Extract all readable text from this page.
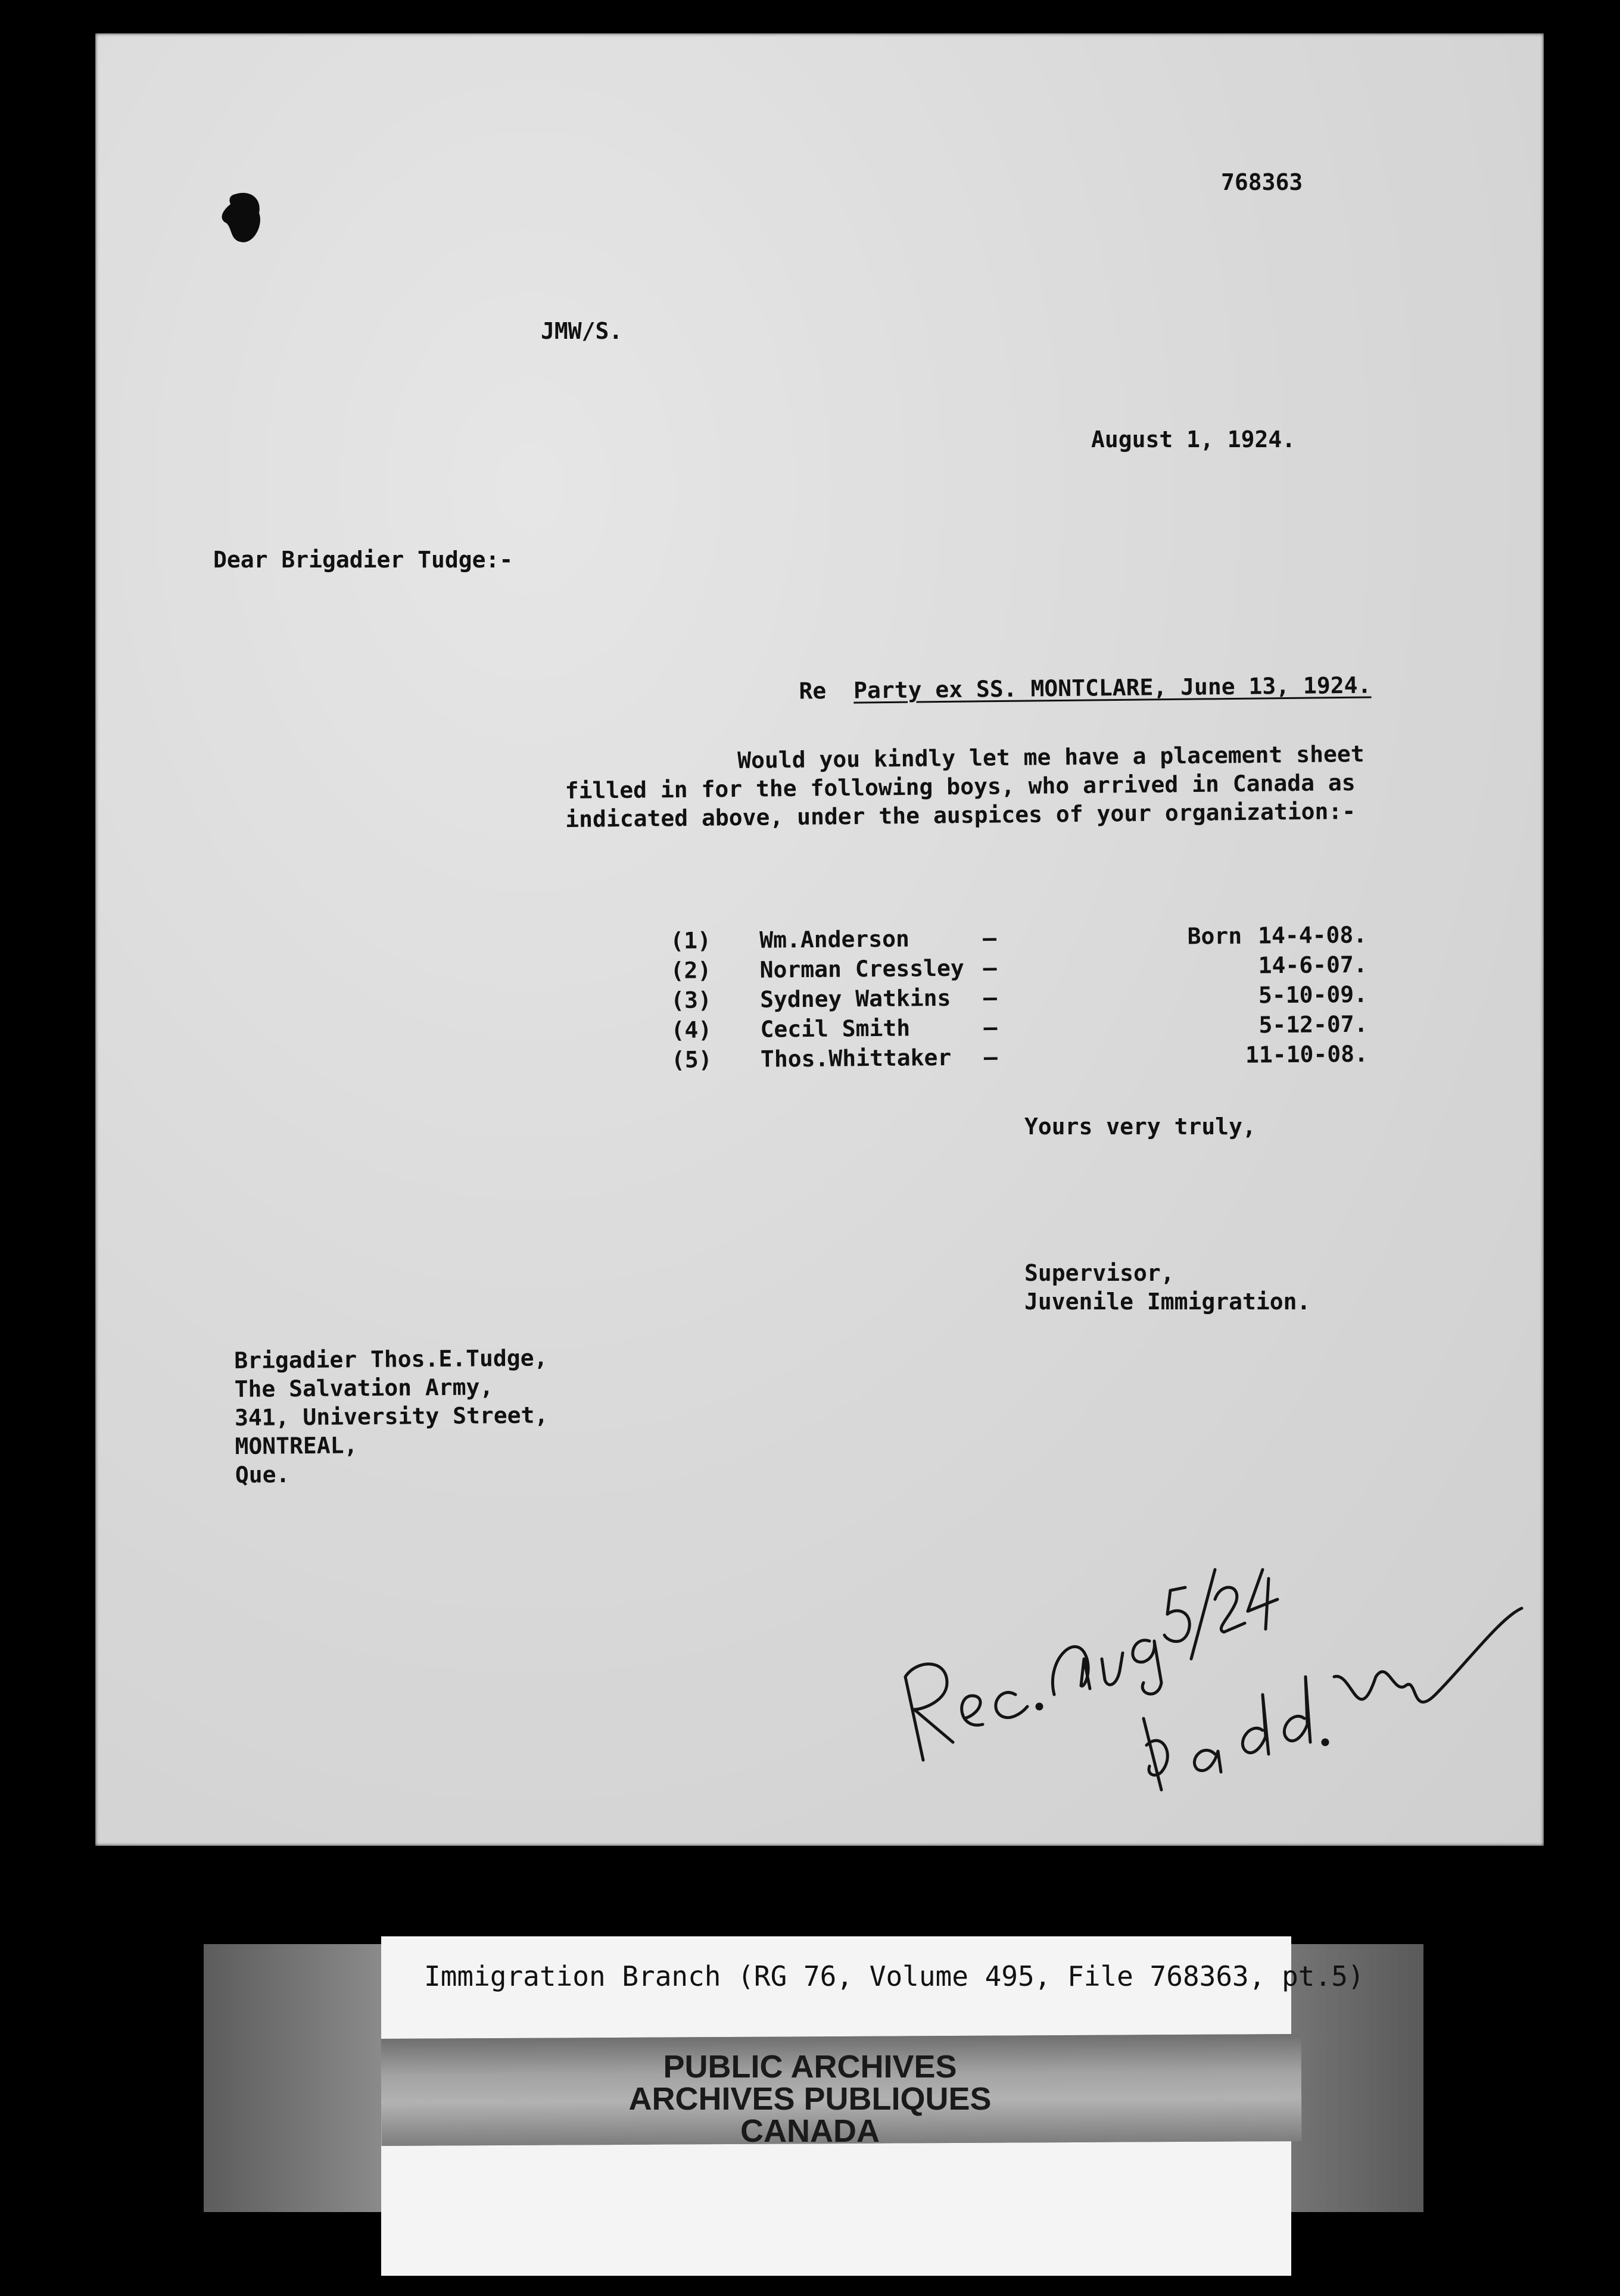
768363
JMW/S.
August 1, 1924.
Dear Brigadier Tudge:-

Re Party ex SS. MONTCLARE, June 13, 1924.

Would you kindly let me have a placement sheet
filled in for the following boys, who arrived in Canada as
indicated above, under the auspices of your organization:-
(1) Wm.Anderson	—	Born 14-4-08.
(2) Norman Cressley —	14-6-07.
(3) Sydney Watkins —	5-10-09.
(4) Cecil Smith	—	5-12-07.
(5) Thos.Whittaker —	11-10-08.
Yours very truly,
Supervisor,
Juvenile Immigration.
Brigadier Thos.E.Tudge,
The Salvation Army,
341, University Street,
MONTREAL,
Que.
Immigration Branch (RG 76, Volume 495, File 768363, pt.5)
PUBLIC ARCHIVES
ARCHIVES PUBLIQUES
CANADA
